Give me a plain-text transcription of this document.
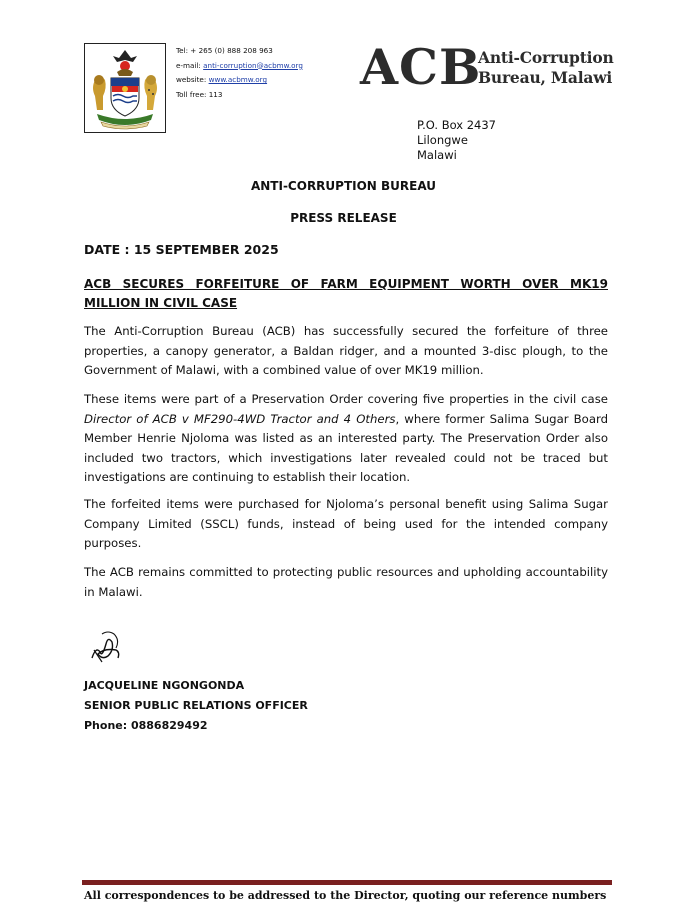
Tel: + 265 (0) 888 208 963
e-mail: anti-corruption@acbmw.org
website: www.acbmw.org
Toll free: 113	ACB
Anti-Corruption
Bureau, Malawi
P.O. Box 2437
Lilongwe
Malawi
ANTI-CORRUPTION BUREAU
PRESS RELEASE
DATE : 15 SEPTEMBER 2025
ACB SECURES FORFEITURE OF FARM EQUIPMENT WORTH OVER MK19 MILLION IN CIVIL CASE
The Anti-Corruption Bureau (ACB) has successfully secured the forfeiture of three properties, a canopy generator, a Baldan ridger, and a mounted 3-disc plough, to the Government of Malawi, with a combined value of over MK19 million.
These items were part of a Preservation Order covering five properties in the civil case Director of ACB v MF290-4WD Tractor and 4 Others, where former Salima Sugar Board Member Henrie Njoloma was listed as an interested party. The Preservation Order also included two tractors, which investigations later revealed could not be traced but investigations are continuing to establish their location.
The forfeited items were purchased for Njoloma’s personal benefit using Salima Sugar Company Limited (SSCL) funds, instead of being used for the intended company purposes.
The ACB remains committed to protecting public resources and upholding accountability in Malawi.
JACQUELINE NGONGONDA
SENIOR PUBLIC RELATIONS OFFICER
Phone: 0886829492
All correspondences to be addressed to the Director, quoting our reference numbers
